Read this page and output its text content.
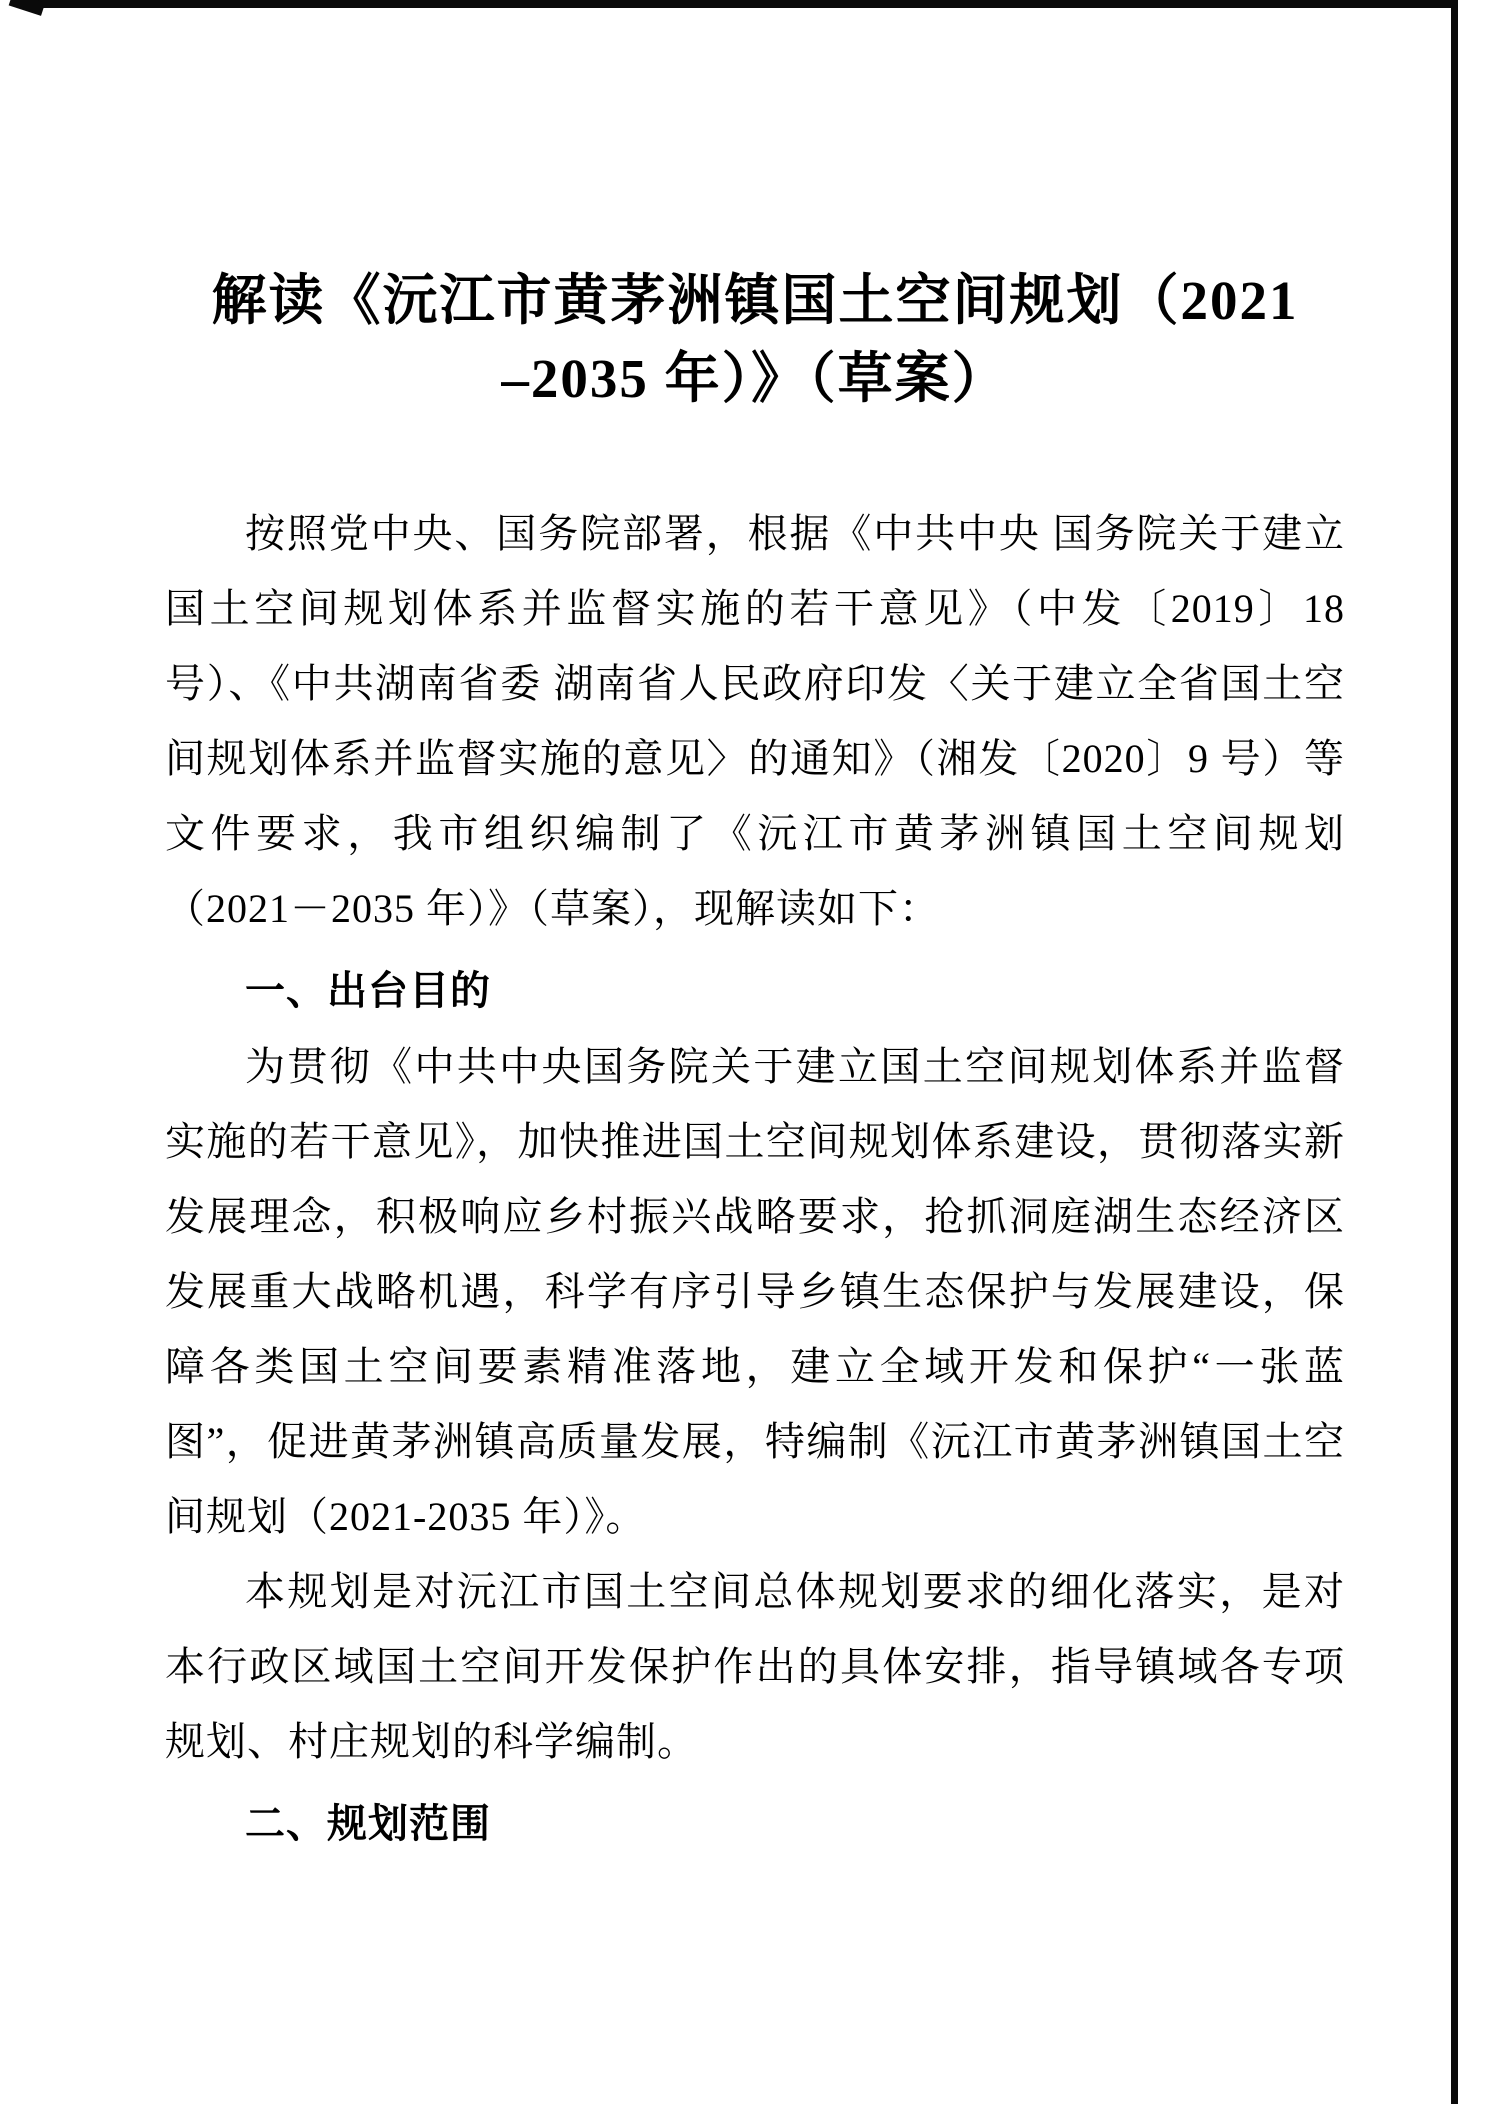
解读《沅江市黄茅洲镇国土空间规划（2021
–2035 年）》（草案）

按照党中央、国务院部署，根据《中共中央 国务院关于建立国土空间规划体系并监督实施的若干意见》（中发〔2019〕18 号）、《中共湖南省委 湖南省人民政府印发〈关于建立全省国土空间规划体系并监督实施的意见〉的通知》（湘发〔2020〕9 号）等文件要求，我市组织编制了《沅江市黄茅洲镇国土空间规划（2021－2035 年）》（草案），现解读如下：

一、出台目的

为贯彻《中共中央国务院关于建立国土空间规划体系并监督实施的若干意见》，加快推进国土空间规划体系建设，贯彻落实新发展理念，积极响应乡村振兴战略要求，抢抓洞庭湖生态经济区发展重大战略机遇，科学有序引导乡镇生态保护与发展建设，保障各类国土空间要素精准落地，建立全域开发和保护“一张蓝图”，促进黄茅洲镇高质量发展，特编制《沅江市黄茅洲镇国土空间规划（2021-2035 年）》。

本规划是对沅江市国土空间总体规划要求的细化落实，是对本行政区域国土空间开发保护作出的具体安排，指导镇域各专项规划、村庄规划的科学编制。

二、规划范围
